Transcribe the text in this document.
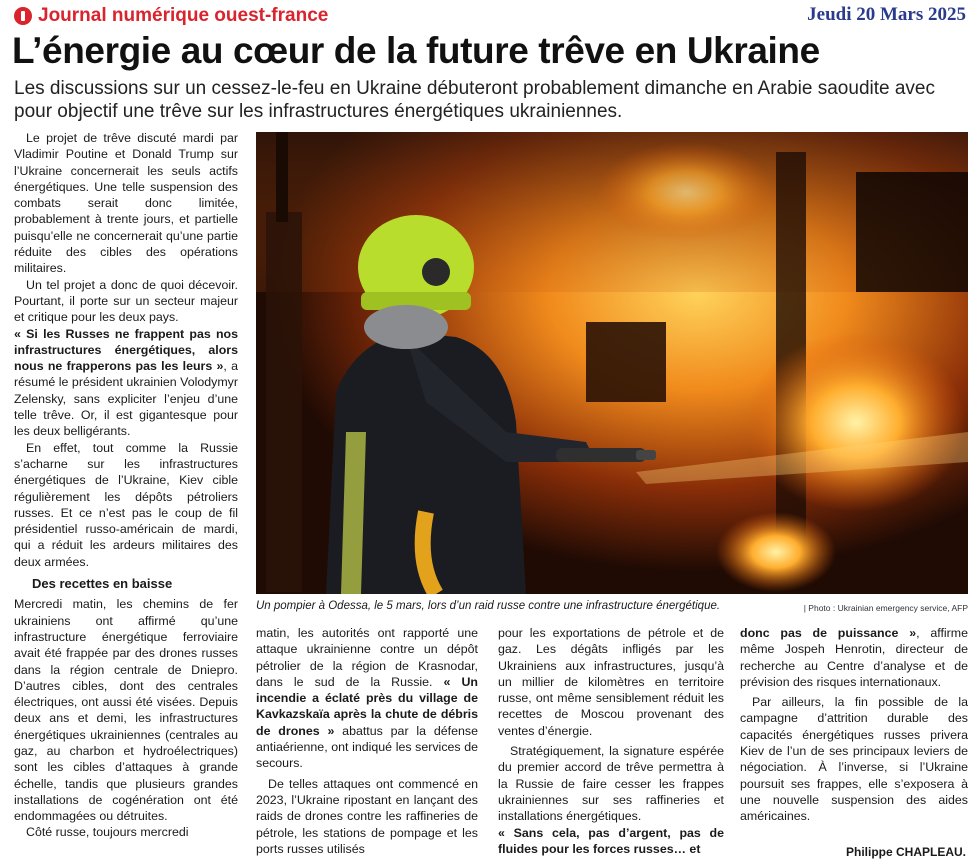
Journal numérique ouest-france	Jeudi 20 Mars 2025
L’énergie au cœur de la future trêve en Ukraine
Les discussions sur un cessez-le-feu en Ukraine débuteront probablement dimanche en Arabie saoudite avec pour objectif une trêve sur les infrastructures énergétiques ukrainiennes.

Le projet de trêve discuté mardi par Vladimir Poutine et Donald Trump sur l’Ukraine concernerait les seuls actifs énergétiques. Une telle suspension des combats serait donc limitée, probablement à trente jours, et partielle puisqu’elle ne concernerait qu’une partie réduite des cibles des opérations militaires.

Un tel projet a donc de quoi décevoir. Pourtant, il porte sur un secteur majeur et critique pour les deux pays.

« Si les Russes ne frappent pas nos infrastructures énergétiques, alors nous ne frapperons pas les leurs », a résumé le président ukrainien Volodymyr Zelensky, sans expliciter l’enjeu d’une telle trêve. Or, il est gigantesque pour les deux belligérants.

En effet, tout comme la Russie s’acharne sur les infrastructures énergétiques de l’Ukraine, Kiev cible régulièrement les dépôts pétroliers russes. Et ce n’est pas le coup de fil présidentiel russo-américain de mardi, qui a réduit les ardeurs militaires des deux armées.

Des recettes en baisse

Mercredi matin, les chemins de fer ukrainiens ont affirmé qu’une infrastructure énergétique ferroviaire avait été frappée par des drones russes dans la région centrale de Dniepro. D’autres cibles, dont des centrales électriques, ont aussi été visées. Depuis deux ans et demi, les infrastructures énergétiques ukrainiennes (centrales au gaz, au charbon et hydroélectriques) sont les cibles d’attaques à grande échelle, tandis que plusieurs grandes installations de cogénération ont été endommagées ou détruites.

Côté russe, toujours mercredi

Un pompier à Odessa, le 5 mars, lors d’un raid russe contre une infrastructure énergétique.	| Photo : Ukrainian emergency service, AFP

matin, les autorités ont rapporté une attaque ukrainienne contre un dépôt pétrolier de la région de Krasnodar, dans le sud de la Russie. « Un incendie a éclaté près du village de Kavkazskaïa après la chute de débris de drones » abattus par la défense antiaérienne, ont indiqué les services de secours.

De telles attaques ont commencé en 2023, l’Ukraine ripostant en lançant des raids de drones contre les raffineries de pétrole, les stations de pompage et les ports russes utilisés

pour les exportations de pétrole et de gaz. Les dégâts infligés par les Ukrainiens aux infrastructures, jusqu’à un millier de kilomètres en territoire russe, ont même sensiblement réduit les recettes de Moscou provenant des ventes d’énergie.

Stratégiquement, la signature espérée du premier accord de trêve permettra à la Russie de faire cesser les frappes ukrainiennes sur ses raffineries et installations énergétiques.

« Sans cela, pas d’argent, pas de fluides pour les forces russes… et

donc pas de puissance », affirme même Jospeh Henrotin, directeur de recherche au Centre d’analyse et de prévision des risques internationaux.

Par ailleurs, la fin possible de la campagne d’attrition durable des capacités énergétiques russes privera Kiev de l’un de ses principaux leviers de négociation. À l’inverse, si l’Ukraine poursuit ses frappes, elle s’exposera à une nouvelle suspension des aides américaines.

Philippe CHAPLEAU.
